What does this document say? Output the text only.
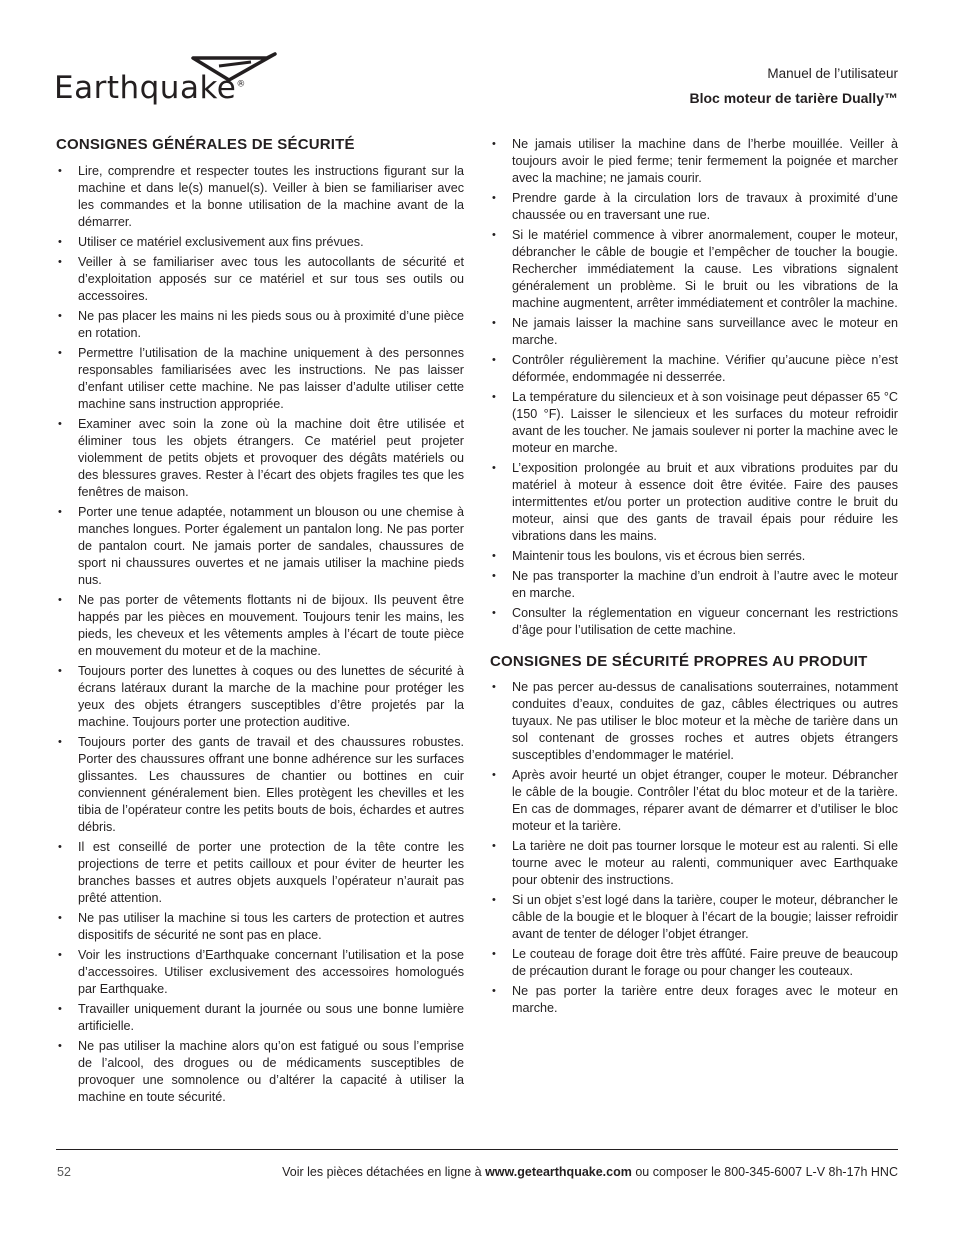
Earthquake®
Manuel de l’utilisateur
Bloc moteur de tarière Dually™
CONSIGNES GÉNÉRALES DE SÉCURITÉ
• Lire, comprendre et respecter toutes les instructions figurant sur la machine et dans le(s) manuel(s). Veiller à bien se familiariser avec les commandes et la bonne utilisation de la machine avant de la démarrer.
• Utiliser ce matériel exclusivement aux fins prévues.
• Veiller à se familiariser avec tous les autocollants de sécurité et d’exploitation apposés sur ce matériel et sur tous ses outils ou accessoires.
• Ne pas placer les mains ni les pieds sous ou à proximité d’une pièce en rotation.
• Permettre l’utilisation de la machine uniquement à des personnes responsables familiarisées avec les instructions. Ne pas laisser d’enfant utiliser cette machine. Ne pas laisser d’adulte utiliser cette machine sans instruction appropriée.
• Examiner avec soin la zone où la machine doit être utilisée et éliminer tous les objets étrangers. Ce matériel peut projeter violemment de petits objets et provoquer des dégâts matériels ou des blessures graves. Rester à l’écart des objets fragiles tes que les fenêtres de maison.
• Porter une tenue adaptée, notamment un blouson ou une chemise à manches longues. Porter également un pantalon long. Ne pas porter de pantalon court. Ne jamais porter de sandales, chaussures de sport ni chaussures ouvertes et ne jamais utiliser la machine pieds nus.
• Ne pas porter de vêtements flottants ni de bijoux. Ils peuvent être happés par les pièces en mouvement. Toujours tenir les mains, les pieds, les cheveux et les vêtements amples à l’écart de toute pièce en mouvement du moteur et de la machine.
• Toujours porter des lunettes à coques ou des lunettes de sécurité à écrans latéraux durant la marche de la machine pour protéger les yeux des objets étrangers susceptibles d’être projetés par la machine. Toujours porter une protection auditive.
• Toujours porter des gants de travail et des chaussures robustes. Porter des chaussures offrant une bonne adhérence sur les surfaces glissantes. Les chaussures de chantier ou bottines en cuir conviennent généralement bien. Elles protègent les chevilles et les tibia de l’opérateur contre les petits bouts de bois, échardes et autres débris.
• Il est conseillé de porter une protection de la tête contre les projections de terre et petits cailloux et pour éviter de heurter les branches basses et autres objets auxquels l’opérateur n’aurait pas prêté attention.
• Ne pas utiliser la machine si tous les carters de protection et autres dispositifs de sécurité ne sont pas en place.
• Voir les instructions d’Earthquake concernant l’utilisation et la pose d’accessoires. Utiliser exclusivement des accessoires homologués par Earthquake.
• Travailler uniquement durant la journée ou sous une bonne lumière artificielle.
• Ne pas utiliser la machine alors qu’on est fatigué ou sous l’emprise de l’alcool, des drogues ou de médicaments susceptibles de provoquer une somnolence ou d’altérer la capacité à utiliser la machine en toute sécurité.
• Ne jamais utiliser la machine dans de l’herbe mouillée. Veiller à toujours avoir le pied ferme; tenir fermement la poignée et marcher avec la machine; ne jamais courir.
• Prendre garde à la circulation lors de travaux à proximité d’une chaussée ou en traversant une rue.
• Si le matériel commence à vibrer anormalement, couper le moteur, débrancher le câble de bougie et l’empêcher de toucher la bougie. Rechercher immédiatement la cause. Les vibrations signalent généralement un problème. Si le bruit ou les vibrations de la machine augmentent, arrêter immédiatement et contrôler la machine.
• Ne jamais laisser la machine sans surveillance avec le moteur en marche.
• Contrôler régulièrement la machine. Vérifier qu’aucune pièce n’est déformée, endommagée ni desserrée.
• La température du silencieux et à son voisinage peut dépasser 65 °C (150 °F). Laisser le silencieux et les surfaces du moteur refroidir avant de les toucher. Ne jamais soulever ni porter la machine avec le moteur en marche.
• L’exposition prolongée au bruit et aux vibrations produites par du matériel à moteur à essence doit être évitée. Faire des pauses intermittentes et/ou porter un protection auditive contre le bruit du moteur, ainsi que des gants de travail épais pour réduire les vibrations dans les mains.
• Maintenir tous les boulons, vis et écrous bien serrés.
• Ne pas transporter la machine d’un endroit à l’autre avec le moteur en marche.
• Consulter la réglementation en vigueur concernant les restrictions d’âge pour l’utilisation de cette machine.
CONSIGNES DE SÉCURITÉ PROPRES AU PRODUIT
• Ne pas percer au-dessus de canalisations souterraines, notamment conduites d’eaux, conduites de gaz, câbles électriques ou autres tuyaux. Ne pas utiliser le bloc moteur et la mèche de tarière dans un sol contenant de grosses roches et autres objets étrangers susceptibles d’endommager le matériel.
• Après avoir heurté un objet étranger, couper le moteur. Débrancher le câble de la bougie. Contrôler l’état du bloc moteur et de la tarière. En cas de dommages, réparer avant de démarrer et d’utiliser le bloc moteur et la tarière.
• La tarière ne doit pas tourner lorsque le moteur est au ralenti. Si elle tourne avec le moteur au ralenti, communiquer avec Earthquake pour obtenir des instructions.
• Si un objet s’est logé dans la tarière, couper le moteur, débrancher le câble de la bougie et le bloquer à l’écart de la bougie; laisser refroidir avant de tenter de déloger l’objet étranger.
• Le couteau de forage doit être très affûté. Faire preuve de beaucoup de précaution durant le forage ou pour changer les couteaux.
• Ne pas porter la tarière entre deux forages avec le moteur en marche.
52	Voir les pièces détachées en ligne à www.getearthquake.com ou composer le 800-345-6007 L-V 8h-17h HNC
